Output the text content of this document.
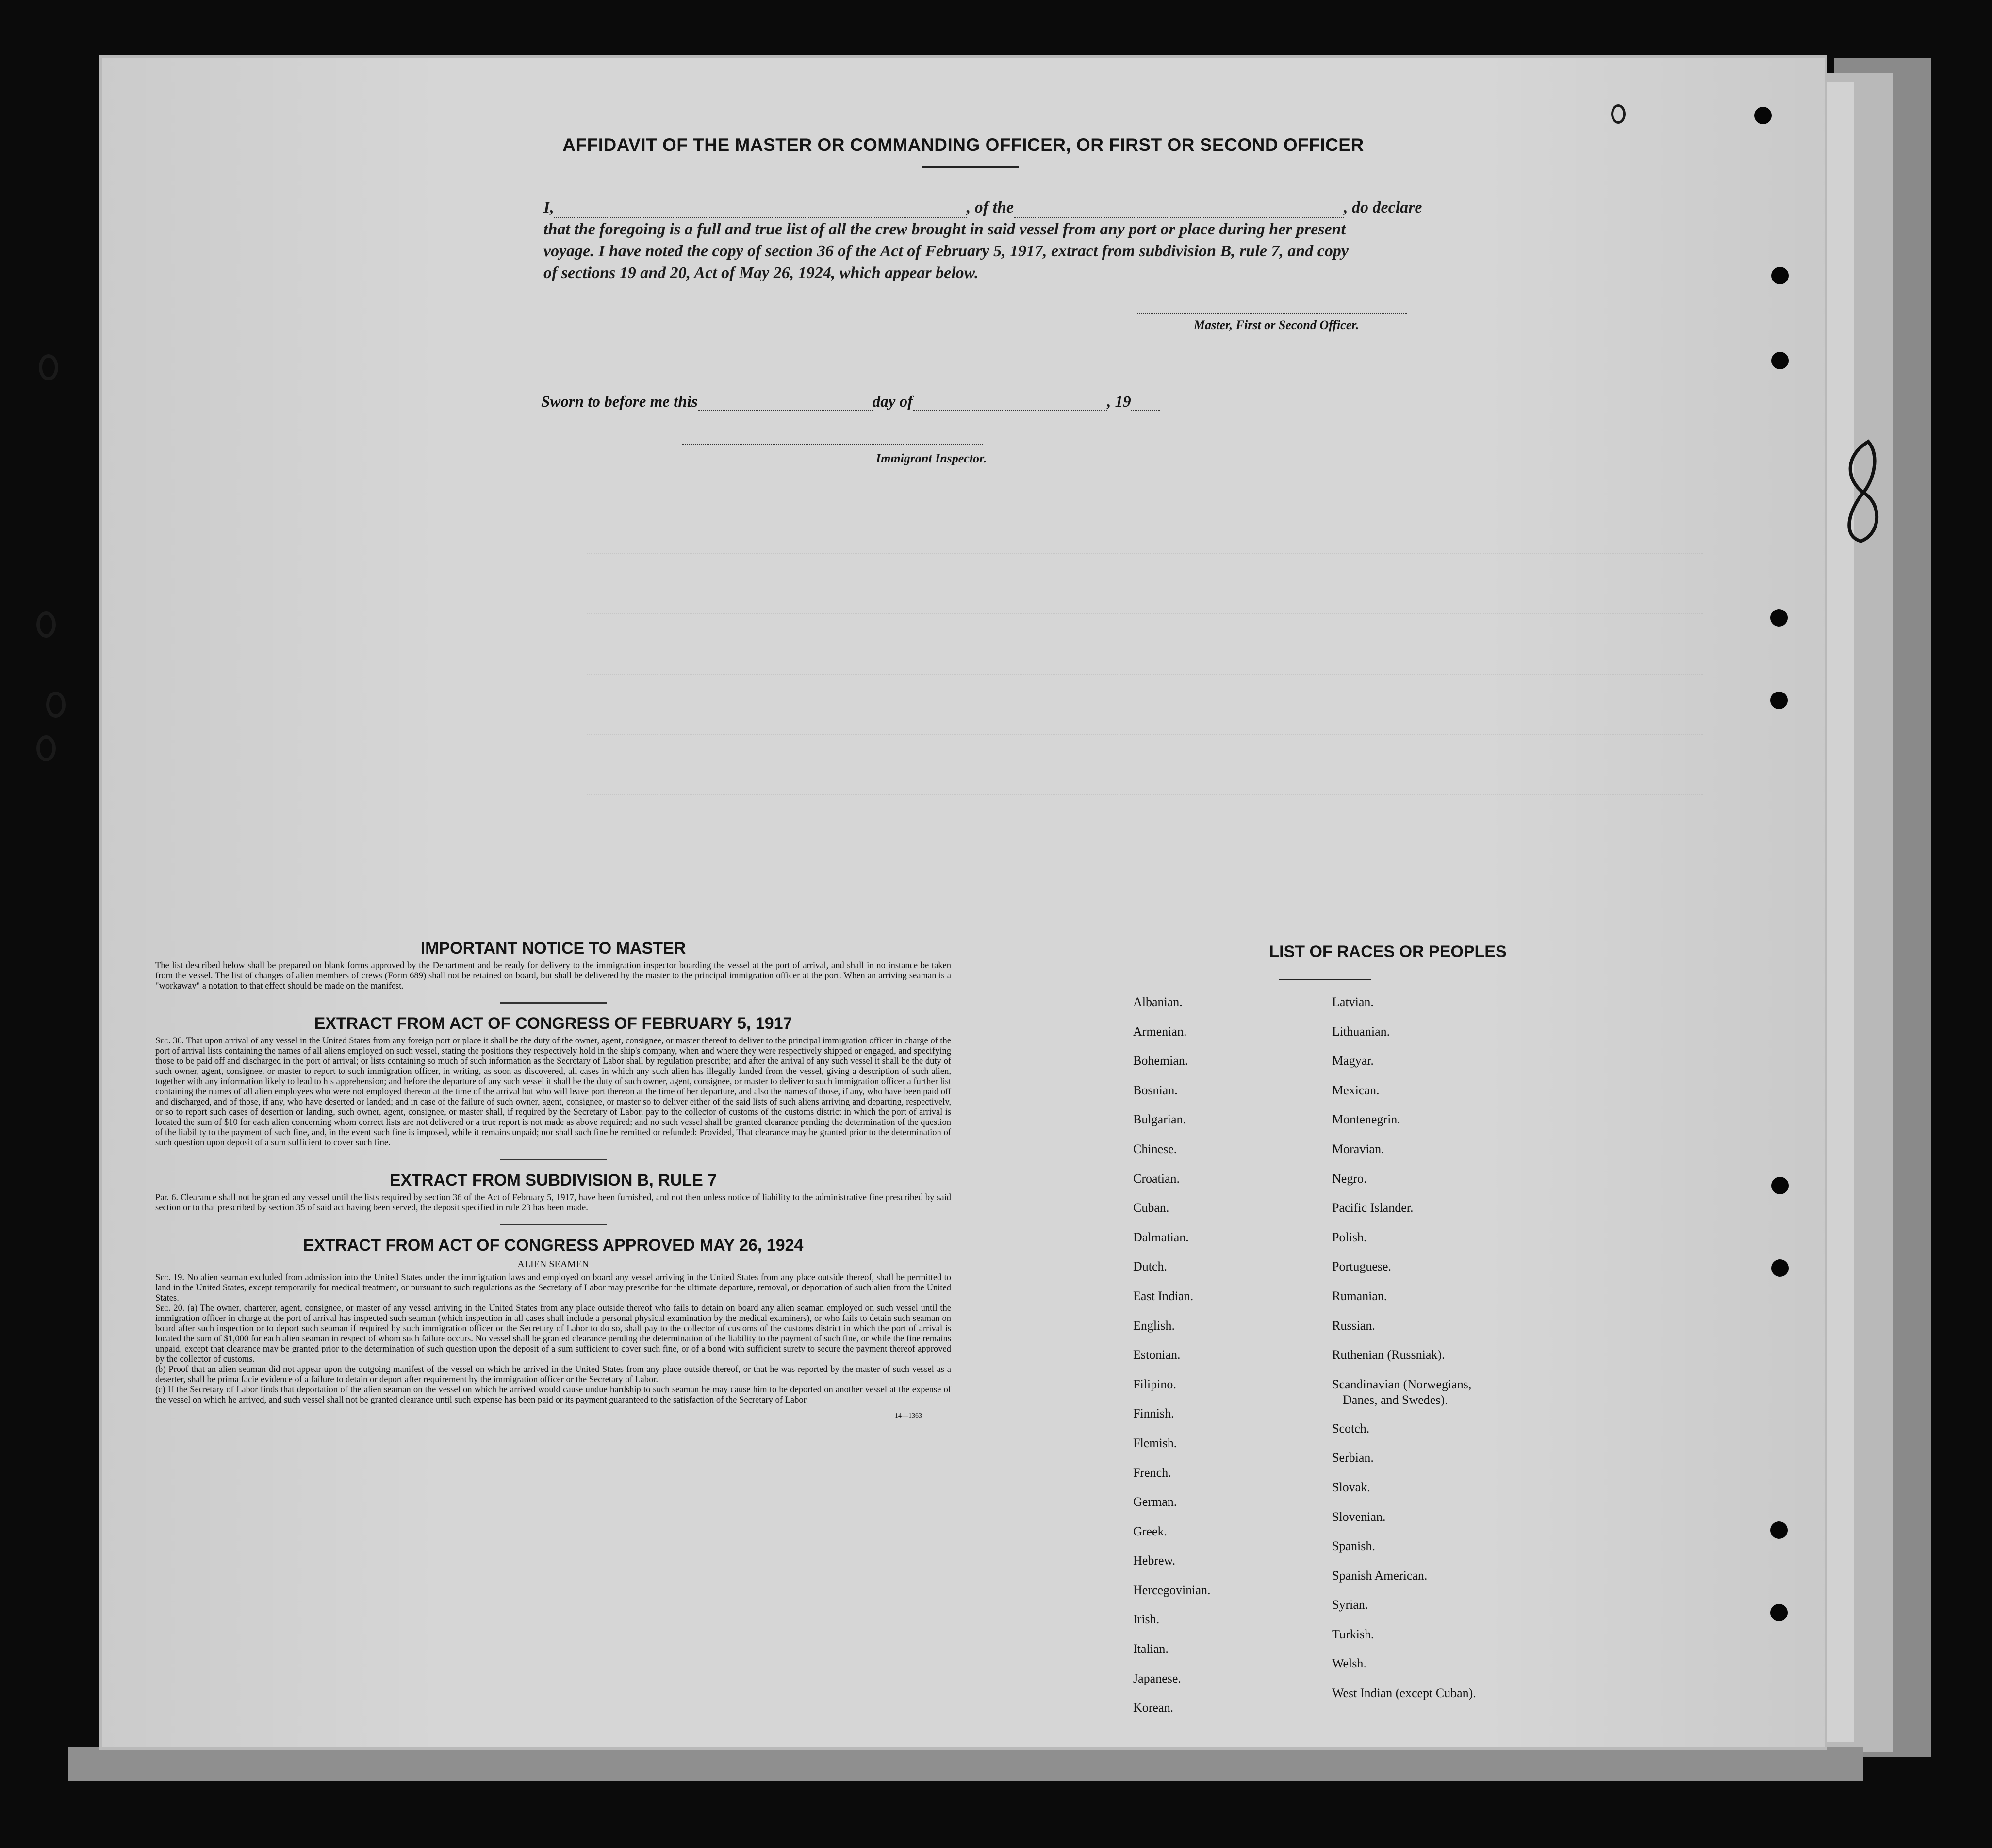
AFFIDAVIT OF THE MASTER OR COMMANDING OFFICER, OR FIRST OR SECOND OFFICER
I,	, of the	, do declare
that the foregoing is a full and true list of all the crew brought in said vessel from any port or place during her present
voyage. I have noted the copy of section 36 of the Act of February 5, 1917, extract from subdivision B, rule 7, and copy
of sections 19 and 20, Act of May 26, 1924, which appear below.
Master, First or Second Officer.
Sworn to before me this	day of	, 19
Immigrant Inspector.
IMPORTANT NOTICE TO MASTER

The list described below shall be prepared on blank forms approved by the Department and be ready for delivery to the immigration inspector boarding the vessel at the port of arrival, and shall in no instance be taken from the vessel. The list of changes of alien members of crews (Form 689) shall not be retained on board, but shall be delivered by the master to the principal immigration officer at the port. When an arriving seaman is a "workaway" a notation to that effect should be made on the manifest.

EXTRACT FROM ACT OF CONGRESS OF FEBRUARY 5, 1917

Sec. 36. That upon arrival of any vessel in the United States from any foreign port or place it shall be the duty of the owner, agent, consignee, or master thereof to deliver to the principal immigration officer in charge of the port of arrival lists containing the names of all aliens employed on such vessel, stating the positions they respectively hold in the ship's company, when and where they were respectively shipped or engaged, and specifying those to be paid off and discharged in the port of arrival; or lists containing so much of such information as the Secretary of Labor shall by regulation prescribe; and after the arrival of any such vessel it shall be the duty of such owner, agent, consignee, or master to report to such immigration officer, in writing, as soon as discovered, all cases in which any such alien has illegally landed from the vessel, giving a description of such alien, together with any information likely to lead to his apprehension; and before the departure of any such vessel it shall be the duty of such owner, agent, consignee, or master to deliver to such immigration officer a further list containing the names of all alien employees who were not employed thereon at the time of the arrival but who will leave port thereon at the time of her departure, and also the names of those, if any, who have been paid off and discharged, and of those, if any, who have deserted or landed; and in case of the failure of such owner, agent, consignee, or master so to deliver either of the said lists of such aliens arriving and departing, respectively, or so to report such cases of desertion or landing, such owner, agent, consignee, or master shall, if required by the Secretary of Labor, pay to the collector of customs of the customs district in which the port of arrival is located the sum of $10 for each alien concerning whom correct lists are not delivered or a true report is not made as above required; and no such vessel shall be granted clearance pending the determination of the question of the liability to the payment of such fine, and, in the event such fine is imposed, while it remains unpaid; nor shall such fine be remitted or refunded: Provided, That clearance may be granted prior to the determination of such question upon deposit of a sum sufficient to cover such fine.

EXTRACT FROM SUBDIVISION B, RULE 7

Par. 6. Clearance shall not be granted any vessel until the lists required by section 36 of the Act of February 5, 1917, have been furnished, and not then unless notice of liability to the administrative fine prescribed by said section or to that prescribed by section 35 of said act having been served, the deposit specified in rule 23 has been made.

EXTRACT FROM ACT OF CONGRESS APPROVED MAY 26, 1924
ALIEN SEAMEN

Sec. 19. No alien seaman excluded from admission into the United States under the immigration laws and employed on board any vessel arriving in the United States from any place outside thereof, shall be permitted to land in the United States, except temporarily for medical treatment, or pursuant to such regulations as the Secretary of Labor may prescribe for the ultimate departure, removal, or deportation of such alien from the United States.

Sec. 20. (a) The owner, charterer, agent, consignee, or master of any vessel arriving in the United States from any place outside thereof who fails to detain on board any alien seaman employed on such vessel until the immigration officer in charge at the port of arrival has inspected such seaman (which inspection in all cases shall include a personal physical examination by the medical examiners), or who fails to detain such seaman on board after such inspection or to deport such seaman if required by such immigration officer or the Secretary of Labor to do so, shall pay to the collector of customs of the customs district in which the port of arrival is located the sum of $1,000 for each alien seaman in respect of whom such failure occurs. No vessel shall be granted clearance pending the determination of the liability to the payment of such fine, or while the fine remains unpaid, except that clearance may be granted prior to the determination of such question upon the deposit of a sum sufficient to cover such fine, or of a bond with sufficient surety to secure the payment thereof approved by the collector of customs.

(b) Proof that an alien seaman did not appear upon the outgoing manifest of the vessel on which he arrived in the United States from any place outside thereof, or that he was reported by the master of such vessel as a deserter, shall be prima facie evidence of a failure to detain or deport after requirement by the immigration officer or the Secretary of Labor.

(c) If the Secretary of Labor finds that deportation of the alien seaman on the vessel on which he arrived would cause undue hardship to such seaman he may cause him to be deported on another vessel at the expense of the vessel on which he arrived, and such vessel shall not be granted clearance until such expense has been paid or its payment guaranteed to the satisfaction of the Secretary of Labor.

14—1363
LIST OF RACES OR PEOPLES
Albanian.
Armenian.
Bohemian.
Bosnian.
Bulgarian.
Chinese.
Croatian.
Cuban.
Dalmatian.
Dutch.
East Indian.
English.
Estonian.
Filipino.
Finnish.
Flemish.
French.
German.
Greek.
Hebrew.
Hercegovinian.
Irish.
Italian.
Japanese.
Korean.
Latvian.
Lithuanian.
Magyar.
Mexican.
Montenegrin.
Moravian.
Negro.
Pacific Islander.
Polish.
Portuguese.
Rumanian.
Russian.
Ruthenian (Russniak).
Scandinavian (Norwegians,
Danes, and Swedes).
Scotch.
Serbian.
Slovak.
Slovenian.
Spanish.
Spanish American.
Syrian.
Turkish.
Welsh.
West Indian (except Cuban).
